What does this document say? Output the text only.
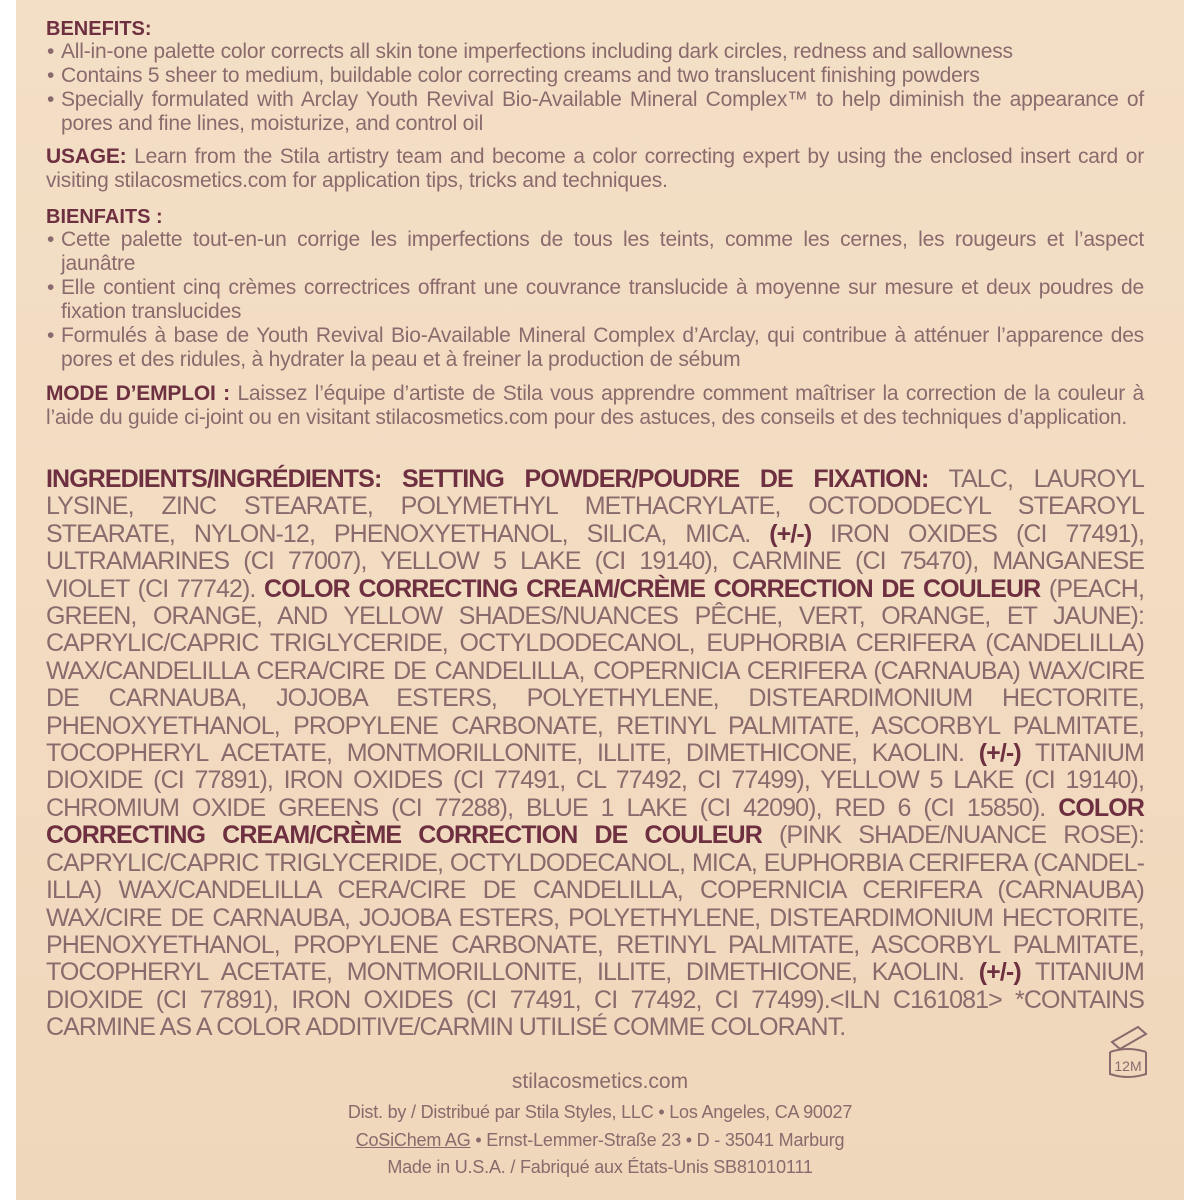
BENEFITS:
• All-in-one palette color corrects all skin tone imperfections including dark circles, redness and sallowness
• Contains 5 sheer to medium, buildable color correcting creams and two translucent finishing powders
• Specially formulated with Arclay Youth Revival Bio-Available Mineral Complex™ to help diminish the appearance of pores and fine lines, moisturize, and control oil
USAGE: Learn from the Stila artistry team and become a color correcting expert by using the enclosed insert card or visiting stilacosmetics.com for application tips, tricks and techniques.
BIENFAITS :
• Cette palette tout-en-un corrige les imperfections de tous les teints, comme les cernes, les rougeurs et l’aspect jaunâtre
• Elle contient cinq crèmes correctrices offrant une couvrance translucide à moyenne sur mesure et deux poudres de fixation translucides
• Formulés à base de Youth Revival Bio-Available Mineral Complex d’Arclay, qui contribue à atténuer l’apparence des pores et des ridules, à hydrater la peau et à freiner la production de sébum
MODE D’EMPLOI : Laissez l’équipe d’artiste de Stila vous apprendre comment maîtriser la correction de la couleur à l’aide du guide ci-joint ou en visitant stilacosmetics.com pour des astuces, des conseils et des techniques d’application.
INGREDIENTS/INGRÉDIENTS: SETTING POWDER/POUDRE DE FIXATION: TALC, LAUROYL LYSINE, ZINC STEARATE, POLYMETHYL METHACRYLATE, OCTODODECYL STEAROYL STEARATE, NYLON-12, PHENOXYETHANOL, SILICA, MICA. (+/-) IRON OXIDES (CI 77491), ULTRAMARINES (CI 77007), YELLOW 5 LAKE (CI 19140), CARMINE (CI 75470), MANGANESE VIOLET (CI 77742). COLOR CORRECTING CREAM/CRÈME CORRECTION DE COULEUR (PEACH, GREEN, ORANGE, AND YELLOW SHADES/NUANCES PÊCHE, VERT, ORANGE, ET JAUNE): CAPRYLIC/CAPRIC TRIGLYCERIDE, OCTYLDODECANOL, EUPHORBIA CERIFERA (CANDELILLA) WAX/CANDELILLA CERA/CIRE DE CANDELILLA, COPERNICIA CERIFERA (CARNAUBA) WAX/CIRE DE CARNAUBA, JOJOBA ESTERS, POLYETHYLENE, DISTEARDIMONIUM HECTORITE, PHENOXYETHANOL, PROPYLENE CARBONATE, RETINYL PALMITATE, ASCORBYL PALMITATE, TOCOPHERYL ACETATE, MONTMORILLONITE, ILLITE, DIMETHICONE, KAOLIN. (+/-) TITANIUM DIOXIDE (CI 77891), IRON OXIDES (CI 77491, CL 77492, CI 77499), YELLOW 5 LAKE (CI 19140), CHROMIUM OXIDE GREENS (CI 77288), BLUE 1 LAKE (CI 42090), RED 6 (CI 15850). COLOR CORRECTING CREAM/CRÈME CORRECTION DE COULEUR (PINK SHADE/NUANCE ROSE): CAPRYLIC/CAPRIC TRIGLYCERIDE, OCTYLDODECANOL, MICA, EUPHORBIA CERIFERA (CANDEL-ILLA) WAX/CANDELILLA CERA/CIRE DE CANDELILLA, COPERNICIA CERIFERA (CARNAUBA) WAX/CIRE DE CARNAUBA, JOJOBA ESTERS, POLYETHYLENE, DISTEARDIMONIUM HECTORITE, PHENOXYETHANOL, PROPYLENE CARBONATE, RETINYL PALMITATE, ASCORBYL PALMITATE, TOCOPHERYL ACETATE, MONTMORILLONITE, ILLITE, DIMETHICONE, KAOLIN. (+/-) TITANIUM DIOXIDE (CI 77891), IRON OXIDES (CI 77491, CI 77492, CI 77499).<ILN C161081> *CONTAINS CARMINE AS A COLOR ADDITIVE/CARMIN UTILISÉ COMME COLORANT.
12M
stilacosmetics.com
Dist. by / Distribué par Stila Styles, LLC • Los Angeles, CA 90027
CoSiChem AG • Ernst-Lemmer-Straße 23 • D - 35041 Marburg
Made in U.S.A. / Fabriqué aux États-Unis SB81010111
